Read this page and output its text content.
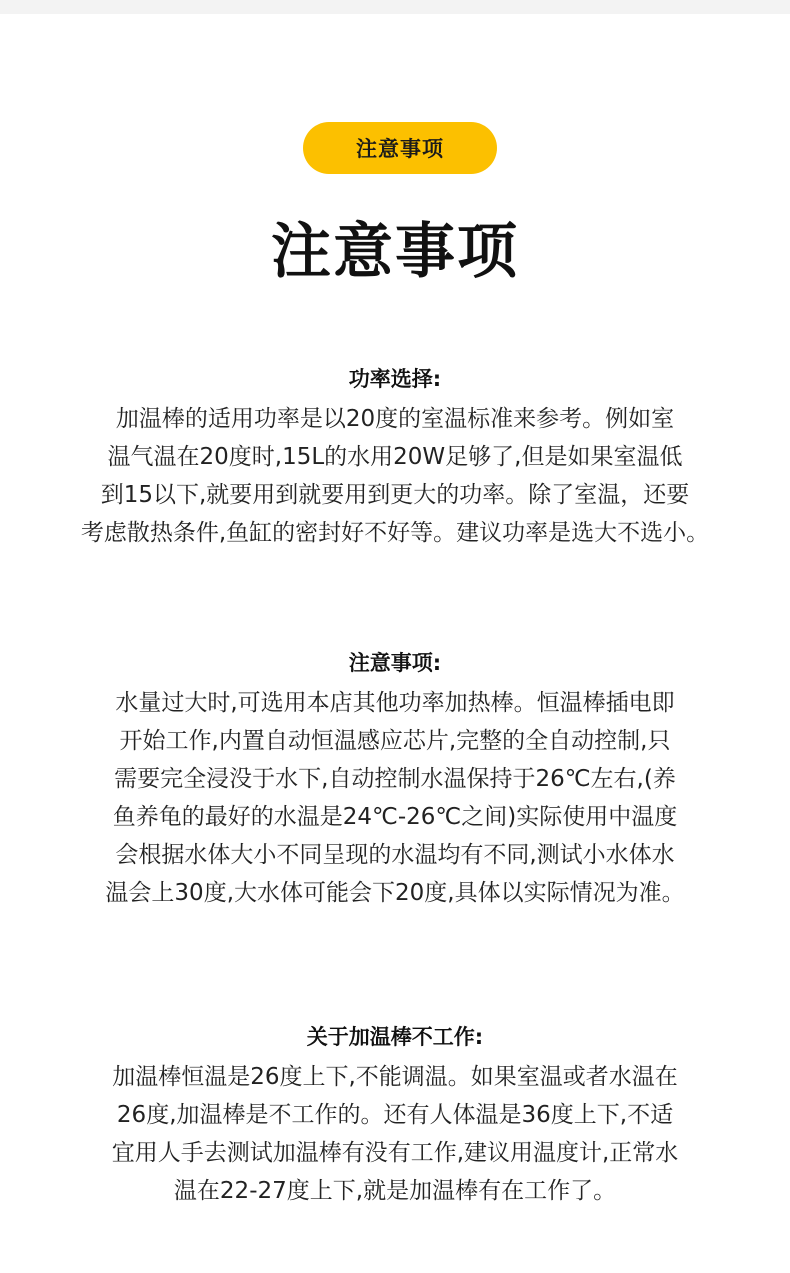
注意事项
注意事项
功率选择:
加温棒的适用功率是以20度的室温标准来参考。例如室
温气温在20度时,15L的水用20W足够了,但是如果室温低
到15以下,就要用到就要用到更大的功率。除了室温，还要
考虑散热条件,鱼缸的密封好不好等。建议功率是选大不选小。
注意事项:
水量过大时,可选用本店其他功率加热棒。恒温棒插电即
开始工作,内置自动恒温感应芯片,完整的全自动控制,只
需要完全浸没于水下,自动控制水温保持于26℃左右,(养
鱼养龟的最好的水温是24℃-26℃之间)实际使用中温度
会根据水体大小不同呈现的水温均有不同,测试小水体水
温会上30度,大水体可能会下20度,具体以实际情况为准。
关于加温棒不工作:
加温棒恒温是26度上下,不能调温。如果室温或者水温在
26度,加温棒是不工作的。还有人体温是36度上下,不适
宜用人手去测试加温棒有没有工作,建议用温度计,正常水
温在22-27度上下,就是加温棒有在工作了。
